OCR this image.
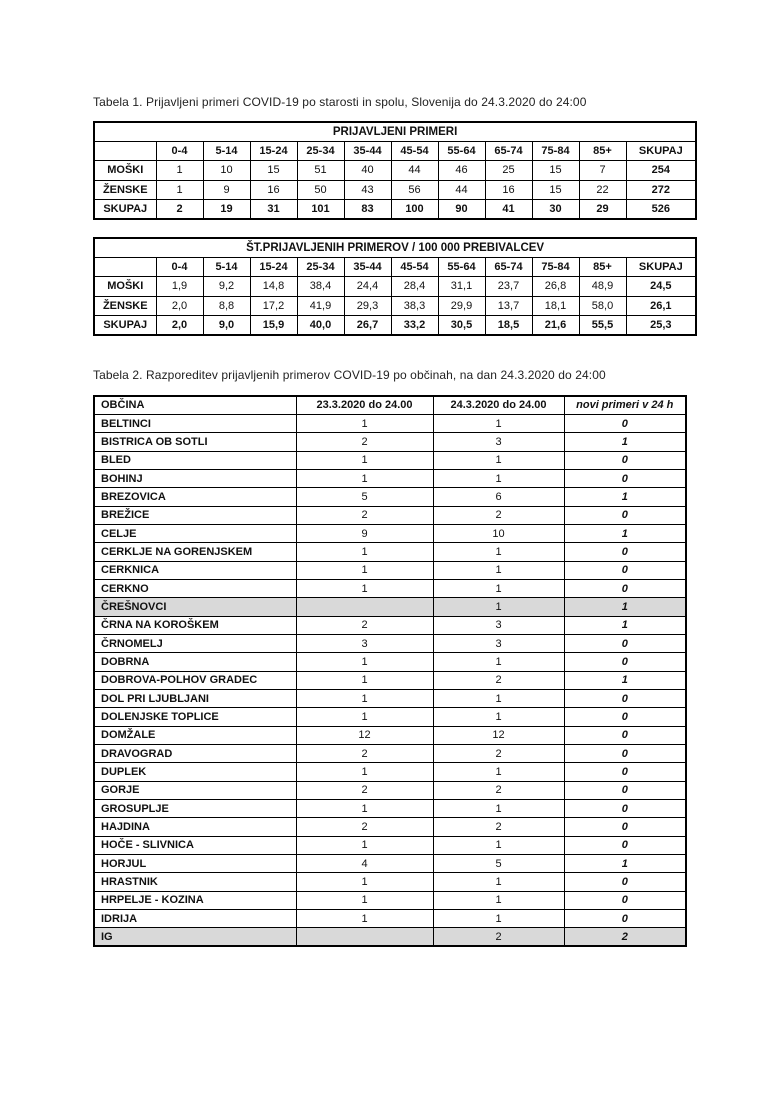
Tabela 1. Prijavljeni primeri COVID-19 po starosti in spolu, Slovenija do 24.3.2020 do 24:00
PRIJAVLJENI PRIMERI											
	0-4	5-14	15-24	25-34	35-44	45-54	55-64	65-74	75-84	85+	SKUPAJ
MOŠKI	1	10	15	51	40	44	46	25	15	7	254
ŽENSKE	1	9	16	50	43	56	44	16	15	22	272
SKUPAJ	2	19	31	101	83	100	90	41	30	29	526
ŠT.PRIJAVLJENIH PRIMEROV / 100 000 PREBIVALCEV											
	0-4	5-14	15-24	25-34	35-44	45-54	55-64	65-74	75-84	85+	SKUPAJ
MOŠKI	1,9	9,2	14,8	38,4	24,4	28,4	31,1	23,7	26,8	48,9	24,5
ŽENSKE	2,0	8,8	17,2	41,9	29,3	38,3	29,9	13,7	18,1	58,0	26,1
SKUPAJ	2,0	9,0	15,9	40,0	26,7	33,2	30,5	18,5	21,6	55,5	25,3
Tabela 2. Razporeditev prijavljenih primerov COVID-19 po občinah, na dan 24.3.2020 do 24:00
OBČINA	23.3.2020 do 24.00	24.3.2020 do 24.00	novi primeri v 24 h
BELTINCI	1	1	0
BISTRICA OB SOTLI	2	3	1
BLED	1	1	0
BOHINJ	1	1	0
BREZOVICA	5	6	1
BREŽICE	2	2	0
CELJE	9	10	1
CERKLJE NA GORENJSKEM	1	1	0
CERKNICA	1	1	0
CERKNO	1	1	0
ČREŠNOVCI		1	1
ČRNA NA KOROŠKEM	2	3	1
ČRNOMELJ	3	3	0
DOBRNA	1	1	0
DOBROVA-POLHOV GRADEC	1	2	1
DOL PRI LJUBLJANI	1	1	0
DOLENJSKE TOPLICE	1	1	0
DOMŽALE	12	12	0
DRAVOGRAD	2	2	0
DUPLEK	1	1	0
GORJE	2	2	0
GROSUPLJE	1	1	0
HAJDINA	2	2	0
HOČE - SLIVNICA	1	1	0
HORJUL	4	5	1
HRASTNIK	1	1	0
HRPELJE - KOZINA	1	1	0
IDRIJA	1	1	0
IG		2	2
